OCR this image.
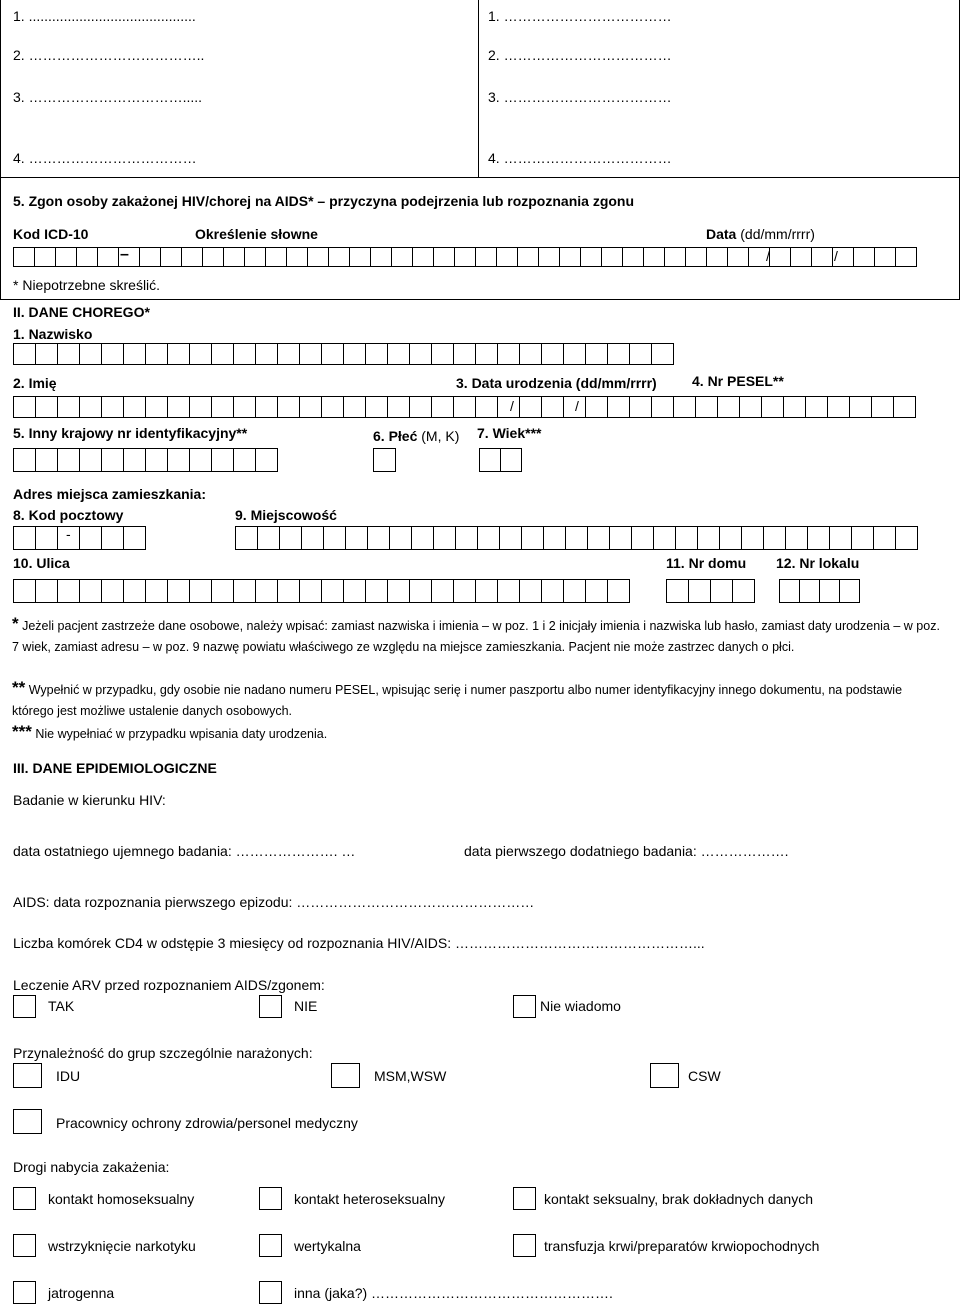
1. ...........................................
2. ………………………………..
3. …………………………….....
4. ………………………………
1. ………………………………
2. ………………………………
3. ………………………………
4. ………………………………
5. Zgon osoby zakażonej HIV/chorej na AIDS* – przyczyna podejrzenia lub rozpoznania zgonu
Kod ICD-10	Określenie słowne	Data (dd/mm/rrrr)
–	/	/
* Niepotrzebne skreślić.
II. DANE CHOREGO*
1. Nazwisko
2. Imię	3. Data urodzenia (dd/mm/rrrr)	4. Nr PESEL**
/	/
5. Inny krajowy nr identyfikacyjny**	6. Płeć (M, K) 7. Wiek***
Adres miejsca zamieszkania:
8. Kod pocztowy	9. Miejscowość
-
10. Ulica	11. Nr domu 12. Nr lokalu
* Jeżeli pacjent zastrzeże dane osobowe, należy wpisać: zamiast nazwiska i imienia – w poz. 1 i 2 inicjały imienia i nazwiska lub hasło, zamiast daty urodzenia – w poz. 7 wiek, zamiast adresu – w poz. 9 nazwę powiatu właściwego ze względu na miejsce zamieszkania. Pacjent nie może zastrzec danych o płci.
** Wypełnić w przypadku, gdy osobie nie nadano numeru PESEL, wpisując serię i numer paszportu albo numer identyfikacyjny innego dokumentu, na podstawie którego jest możliwe ustalenie danych osobowych.
*** Nie wypełniać w przypadku wpisania daty urodzenia.
III. DANE EPIDEMIOLOGICZNE
Badanie w kierunku HIV:
data ostatniego ujemnego badania: …………………. …	data pierwszego dodatniego badania: ……………….
AIDS: data rozpoznania pierwszego epizodu: ……………………………………………
Liczba komórek CD4 w odstępie 3 miesięcy od rozpoznania HIV/AIDS: ……………………………………………...
Leczenie ARV przed rozpoznaniem AIDS/zgonem:
TAK	NIE	Nie wiadomo
Przynależność do grup szczególnie narażonych:
IDU	MSM,WSW	CSW
Pracownicy ochrony zdrowia/personel medyczny
Drogi nabycia zakażenia:
kontakt homoseksualny	kontakt heteroseksualny	kontakt seksualny, brak dokładnych danych
wstrzyknięcie narkotyku	wertykalna	transfuzja krwi/preparatów krwiopochodnych
jatrogenna	inna (jaka?) …………………………………………….
